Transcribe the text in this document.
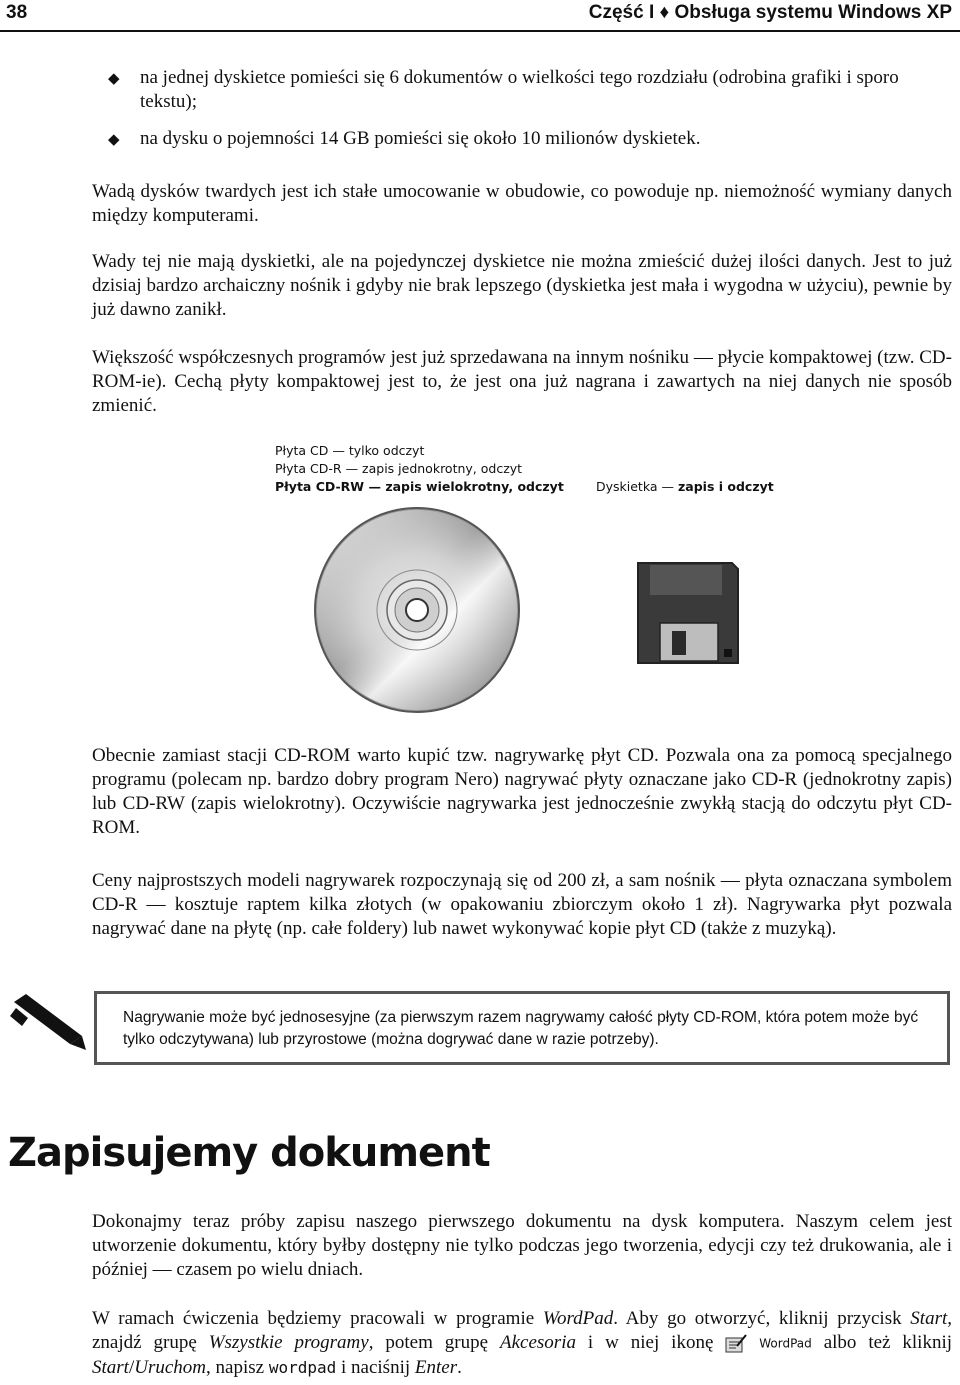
38	Część I ♦ Obsługa systemu Windows XP
◆ na jednej dyskietce pomieści się 6 dokumentów o wielkości tego rozdziału (odrobina grafiki i sporo tekstu);
◆ na dysku o pojemności 14 GB pomieści się około 10 milionów dyskietek.

Wadą dysków twardych jest ich stałe umocowanie w obudowie, co powoduje np. niemożność wymiany danych między komputerami.

Wady tej nie mają dyskietki, ale na pojedynczej dyskietce nie można zmieścić dużej ilości danych. Jest to już dzisiaj bardzo archaiczny nośnik i gdyby nie brak lepszego (dyskietka jest mała i wygodna w użyciu), pewnie by już dawno zanikł.

Większość współczesnych programów jest już sprzedawana na innym nośniku — płycie kompaktowej (tzw. CD-ROM-ie). Cechą płyty kompaktowej jest to, że jest ona już nagrana i zawartych na niej danych nie sposób zmienić.

Płyta CD — tylko odczyt
Płyta CD-R — zapis jednokrotny, odczyt
Płyta CD-RW — zapis wielokrotny, odczyt	Dyskietka — zapis i odczyt

Obecnie zamiast stacji CD-ROM warto kupić tzw. nagrywarkę płyt CD. Pozwala ona za pomocą specjalnego programu (polecam np. bardzo dobry program Nero) nagrywać płyty oznaczane jako CD-R (jednokrotny zapis) lub CD-RW (zapis wielokrotny). Oczywiście nagrywarka jest jednocześnie zwykłą stacją do odczytu płyt CD-ROM.

Ceny najprostszych modeli nagrywarek rozpoczynają się od 200 zł, a sam nośnik — płyta oznaczana symbolem CD-R — kosztuje raptem kilka złotych (w opakowaniu zbiorczym około 1 zł). Nagrywarka płyt pozwala nagrywać dane na płytę (np. całe foldery) lub nawet wykonywać kopie płyt CD (także z muzyką).

Nagrywanie może być jednosesyjne (za pierwszym razem nagrywamy całość płyty CD-ROM, która potem może być tylko odczytywana) lub przyrostowe (można dogrywać dane w razie potrzeby).
Zapisujemy dokument

Dokonajmy teraz próby zapisu naszego pierwszego dokumentu na dysk komputera. Naszym celem jest utworzenie dokumentu, który byłby dostępny nie tylko podczas jego tworzenia, edycji czy też drukowania, ale i później — czasem po wielu dniach.

W ramach ćwiczenia będziemy pracowali w programie WordPad. Aby go otworzyć, kliknij przycisk Start, znajdź grupę Wszystkie programy, potem grupę Akcesoria i w niej ikonę	WordPad albo też kliknij Start/Uruchom, napisz wordpad i naciśnij Enter.
